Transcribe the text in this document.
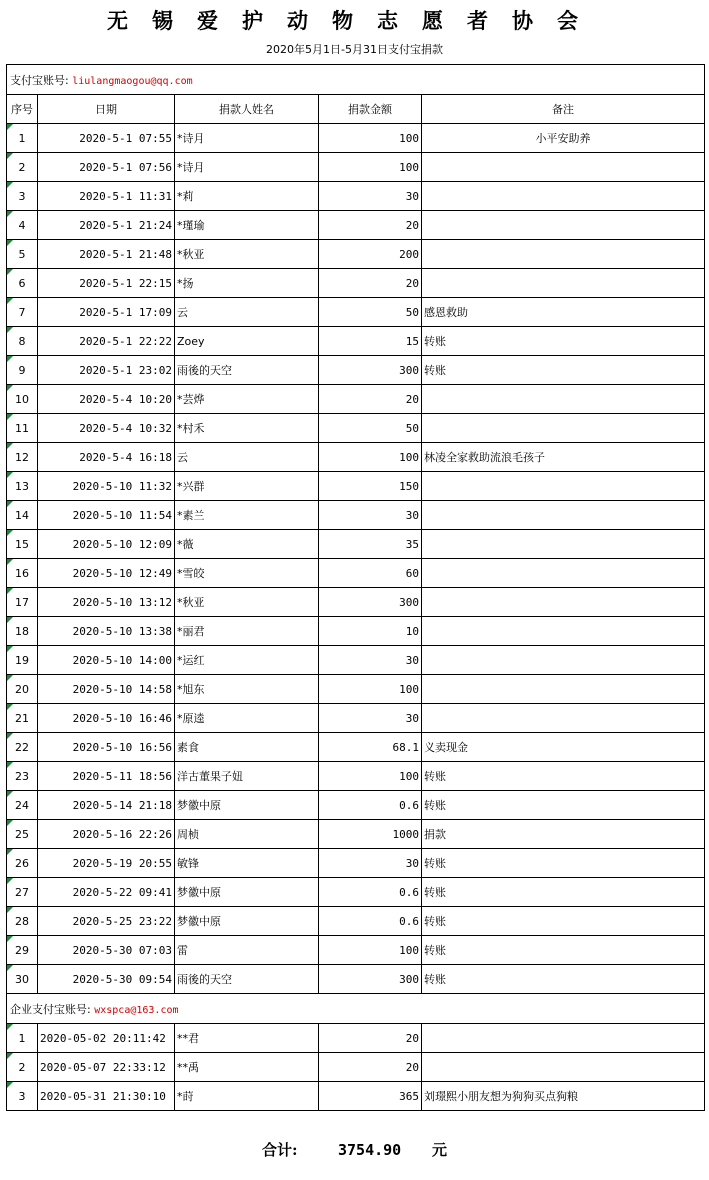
无锡爱护动物志愿者协会
2020年5月1日-5月31日支付宝捐款
支付宝账号: liulangmaogou@qq.com				
序号	日期	捐款人姓名	捐款金额	备注

1	2020-5-1 07:55	*诗月	100	小平安助养

2	2020-5-1 07:56	*诗月	100	

3	2020-5-1 11:31	*莉	30	

4	2020-5-1 21:24	*瑾瑜	20	

5	2020-5-1 21:48	*秋亚	200	

6	2020-5-1 22:15	*扬	20	

7	2020-5-1 17:09	云	50	感恩救助

8	2020-5-1 22:22	Zoey	15	转账

9	2020-5-1 23:02	雨後的天空	300	转账

10	2020-5-4 10:20	*芸烨	20	

11	2020-5-4 10:32	*村禾	50	

12	2020-5-4 16:18	云	100	林凌全家救助流浪毛孩子

13	2020-5-10 11:32	*兴群	150	

14	2020-5-10 11:54	*素兰	30	

15	2020-5-10 12:09	*薇	35	

16	2020-5-10 12:49	*雪皎	60	

17	2020-5-10 13:12	*秋亚	300	

18	2020-5-10 13:38	*丽君	10	

19	2020-5-10 14:00	*运红	30	

20	2020-5-10 14:58	*旭东	100	

21	2020-5-10 16:46	*原逵	30	

22	2020-5-10 16:56	素食	68.1	义卖现金

23	2020-5-11 18:56	洋古董果子妞	100	转账

24	2020-5-14 21:18	梦徽中原	0.6	转账

25	2020-5-16 22:26	周桢	1000	捐款

26	2020-5-19 20:55	敏锋	30	转账

27	2020-5-22 09:41	梦徽中原	0.6	转账

28	2020-5-25 23:22	梦徽中原	0.6	转账

29	2020-5-30 07:03	雷	100	转账

30	2020-5-30 09:54	雨後的天空	300	转账
企业支付宝账号: wxspca@163.com				

1	2020-05-02 20:11:42	**君	20	

2	2020-05-07 22:33:12	**禹	20	

3	2020-05-31 21:30:10	*莳	365	刘璟熙小朋友想为狗狗买点狗粮
合计:	3754.90 元
